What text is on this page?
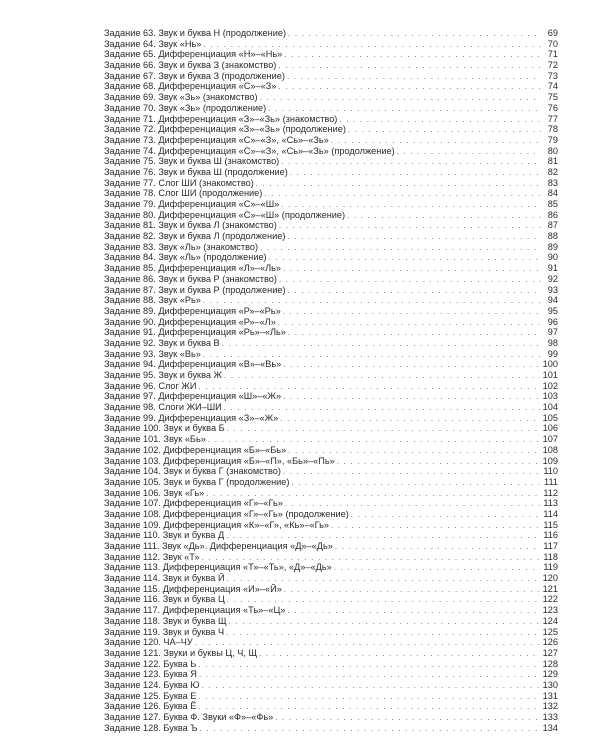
Задание 63. Звук и буква Н (продолжение) . . .	69
Задание 64. Звук «Нь» . . .	70
Задание 65. Дифференциация «Н»–«Нь» . . .	71
Задание 66. Звук и буква З (знакомство) . . .	72
Задание 67. Звук и буква З (продолжение) . . .	73
Задание 68. Дифференциация «С»–«З» . . .	74
Задание 69. Звук «Зь» (знакомство) . . .	75
Задание 70. Звук «Зь» (продолжение) . . .	76
Задание 71. Дифференциация «З»–«Зь» (знакомство) . . .	77
Задание 72. Дифференциация «З»–«Зь» (продолжение) . . .	78
Задание 73. Дифференциация «С»–«З», «Сь»–«Зь» . . .	79
Задание 74. Дифференциация «С»–«З», «Сь»–«Зь» (продолжение) . . .	80
Задание 75. Звук и буква Ш (знакомство) . . .	81
Задание 76. Звук и буква Ш (продолжение) . . .	82
Задание 77. Слог ШИ (знакомство) . . .	83
Задание 78. Слог ШИ (продолжение) . . .	84
Задание 79. Дифференциация «С»–«Ш» . . .	85
Задание 80. Дифференциация «С»–«Ш» (продолжение) . . .	86
Задание 81. Звук и буква Л (знакомство) . . .	87
Задание 82. Звук и буква Л (продолжение) . . .	88
Задание 83. Звук «Ль» (знакомство) . . .	89
Задание 84. Звук «Ль» (продолжение) . . .	90
Задание 85. Дифференциация «Л»–«Ль» . . .	91
Задание 86. Звук и буква Р (знакомство) . . .	92
Задание 87. Звук и буква Р (продолжение) . . .	93
Задание 88. Звук «Рь» . . .	94
Задание 89. Дифференциация «Р»–«Рь» . . .	95
Задание 90. Дифференциация «Р»–«Л» . . .	96
Задание 91. Дифференциация «Рь»–«Ль» . . .	97
Задание 92. Звук и буква В . . .	98
Задание 93. Звук «Вь» . . .	99
Задание 94. Дифференциация «В»–«Вь» . . .	100
Задание 95. Звук и буква Ж . . .	101
Задание 96. Слог ЖИ . . .	102
Задание 97. Дифференциация «Ш»–«Ж» . . .	103
Задание 98. Слоги ЖИ–ШИ . . .	104
Задание 99. Дифференциация «З»–«Ж» . . .	105
Задание 100. Звук и буква Б . . .	106
Задание 101. Звук «Бь» . . .	107
Задание 102. Дифференциация «Б»–«Бь» . . .	108
Задание 103. Дифференциация «Б»–«П», «Бь»–«Пь» . . .	109
Задание 104. Звук и буква Г (знакомство) . . .	110
Задание 105. Звук и буква Г (продолжение) . . .	111
Задание 106. Звук «Гь» . . .	112
Задание 107. Дифференциация «Г»–«Гь» . . .	113
Задание 108. Дифференциация «Г»–«Гь» (продолжение) . . .	114
Задание 109. Дифференциация «К»–«Г», «Кь»–«Гь» . . .	115
Задание 110. Звук и буква Д . . .	116
Задание 111. Звук «Дь». Дифференциация «Д»–«Дь» . . .	117
Задание 112. Звук «Т» . . .	118
Задание 113. Дифференциация «Т»–«Ть», «Д»–«Дь» . . .	119
Задание 114. Звук и буква Й . . .	120
Задание 115. Дифференциация «И»–«Й» . . .	121
Задание 116. Звук и буква Ц . . .	122
Задание 117. Дифференциация «Ть»–«Ц» . . .	123
Задание 118. Звук и буква Щ . . .	124
Задание 119. Звук и буква Ч . . .	125
Задание 120. ЧА–ЧУ . . .	126
Задание 121. Звуки и буквы Ц, Ч, Щ . . .	127
Задание 122. Буква Ь . . .	128
Задание 123. Буква Я . . .	129
Задание 124. Буква Ю . . .	130
Задание 125. Буква Е . . .	131
Задание 126. Буква Ё . . .	132
Задание 127. Буква Ф. Звуки «Ф»–«Фь» . . .	133
Задание 128. Буква Ъ . . .	134
